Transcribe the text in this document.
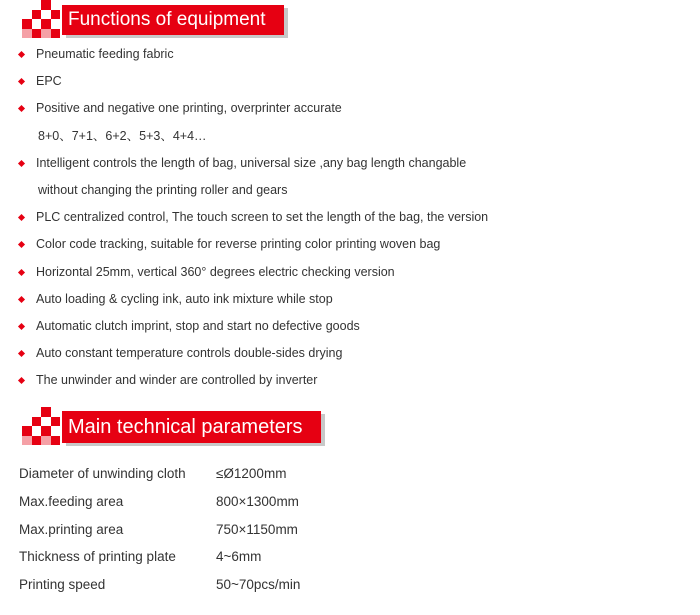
Functions of equipment
Pneumatic feeding fabric
EPC
Positive and negative one printing, overprinter accurate
8+0、7+1、6+2、5+3、4+4…
Intelligent controls the length of bag, universal size ,any bag length changable
without changing the printing roller and gears
PLC centralized control, The touch screen to set the length of the bag, the version
Color code tracking, suitable for reverse printing color printing woven bag
Horizontal 25mm, vertical 360° degrees electric checking version
Auto loading & cycling ink, auto ink mixture while stop
Automatic clutch imprint, stop and start no defective goods
Auto constant temperature controls double-sides drying
The unwinder and winder are controlled by inverter
Main technical parameters
Diameter of unwinding cloth ≤Ø1200mm
Max.feeding area	800×1300mm
Max.printing area	750×1150mm
Thickness of printing plate	4~6mm
Printing speed	50~70pcs/min
